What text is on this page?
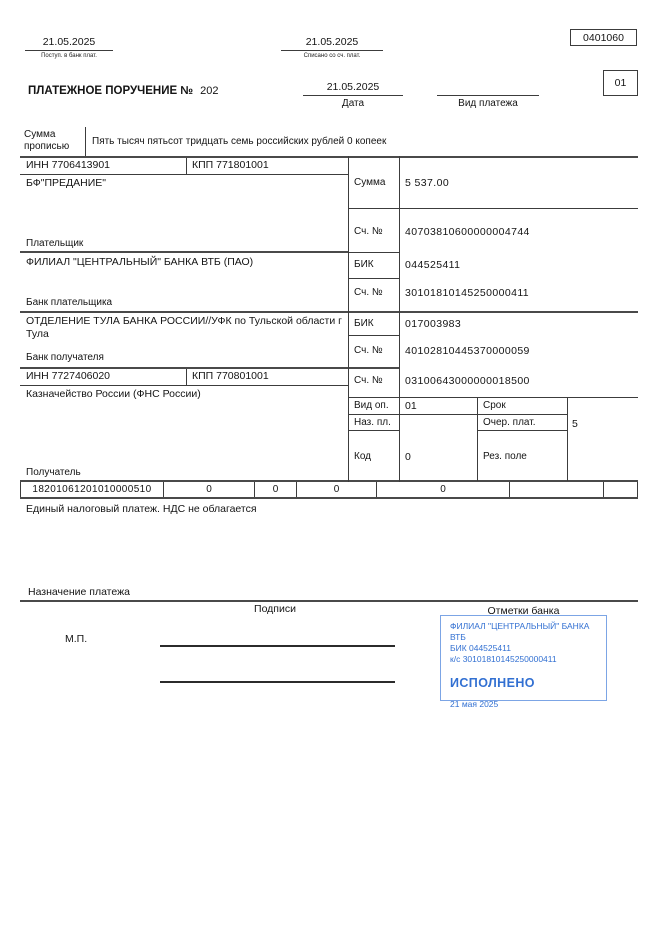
21.05.2025
Поступ. в банк плат.
21.05.2025
Списано со сч. плат.
0401060
ПЛАТЕЖНОЕ ПОРУЧЕНИЕ № 202	21.05.2025
Дата	Вид платежа
01
Сумма прописью	Пять тысяч пятьсот тридцать семь российских рублей 0 копеек
ИНН 7706413901	КПП 771801001
БФ"ПРЕДАНИЕ"
Плательщик
ФИЛИАЛ "ЦЕНТРАЛЬНЫЙ" БАНКА ВТБ (ПАО)
Банк плательщика
ОТДЕЛЕНИЕ ТУЛА БАНКА РОССИИ//УФК по Тульской области г Тула
Банк получателя
ИНН 7727406020	КПП 770801001
Казначейство России (ФНС России)
Получатель
Сумма 5 537.00
Сч. № 40703810600000004744
БИК	044525411
Сч. № 30101810145250000411
БИК	017003983
Сч. № 40102810445370000059
Сч. № 03100643000000018500
Вид оп. 01	Срок
Наз. пл.	Очер. плат.	5
Код	0	Рез. поле
18201061201010000510	0	0	0	0
Единый налоговый платеж. НДС не облагается
Назначение платежа
Подписи	Отметки банка
М.П.
ФИЛИАЛ "ЦЕНТРАЛЬНЫЙ" БАНКА ВТБ
БИК 044525411
к/с 30101810145250000411
ИСПОЛНЕНО
21 мая 2025
